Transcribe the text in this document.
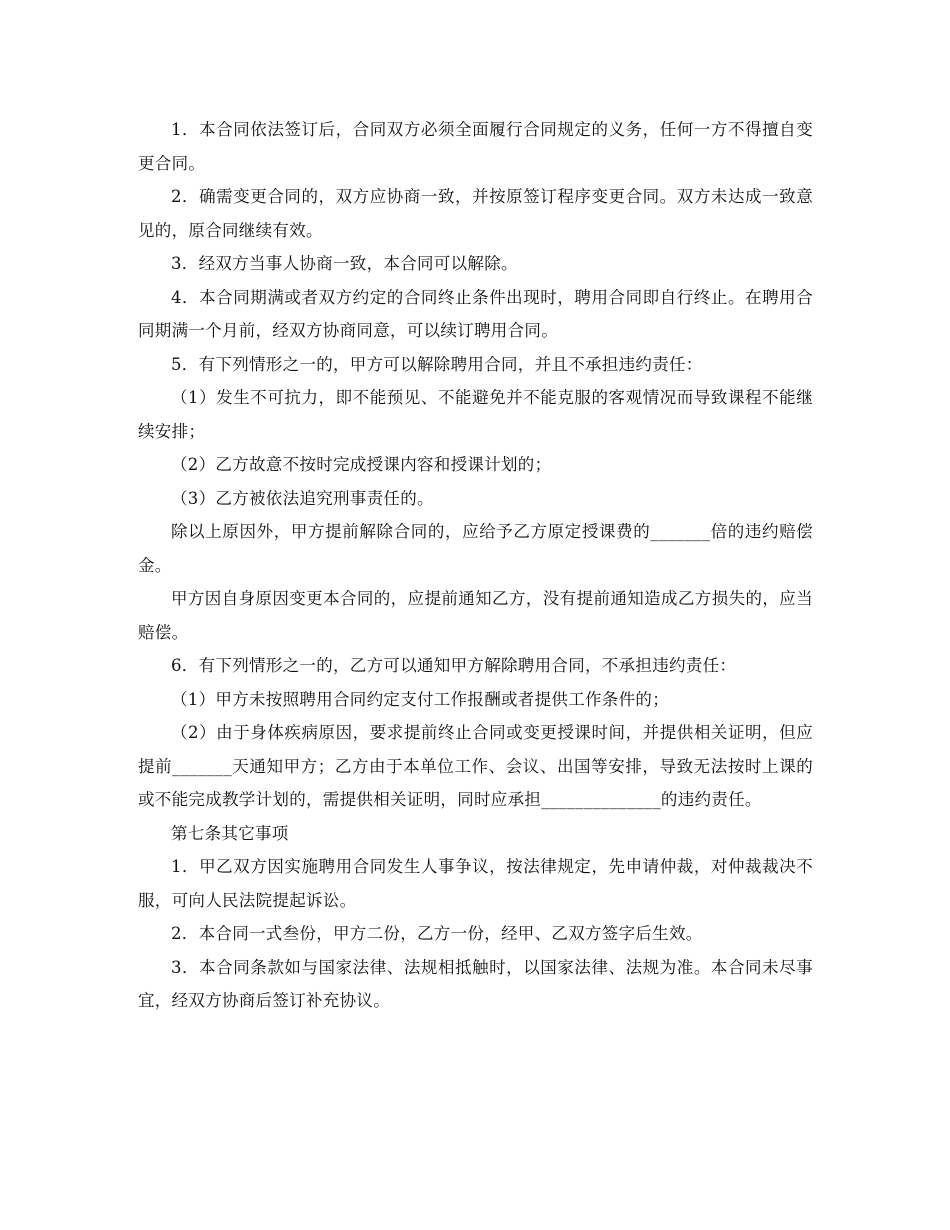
1．本合同依法签订后，合同双方必须全面履行合同规定的义务，任何一方不得擅自变更合同。

2．确需变更合同的，双方应协商一致，并按原签订程序变更合同。双方未达成一致意见的，原合同继续有效。

3．经双方当事人协商一致，本合同可以解除。

4．本合同期满或者双方约定的合同终止条件出现时，聘用合同即自行终止。在聘用合同期满一个月前，经双方协商同意，可以续订聘用合同。

5．有下列情形之一的，甲方可以解除聘用合同，并且不承担违约责任：

（1）发生不可抗力，即不能预见、不能避免并不能克服的客观情况而导致课程不能继续安排；

（2）乙方故意不按时完成授课内容和授课计划的；

（3）乙方被依法追究刑事责任的。

除以上原因外，甲方提前解除合同的，应给予乙方原定授课费的_______倍的违约赔偿金。

甲方因自身原因变更本合同的，应提前通知乙方，没有提前通知造成乙方损失的，应当赔偿。

6．有下列情形之一的，乙方可以通知甲方解除聘用合同，不承担违约责任：

（1）甲方未按照聘用合同约定支付工作报酬或者提供工作条件的；

（2）由于身体疾病原因，要求提前终止合同或变更授课时间，并提供相关证明，但应提前_______天通知甲方；乙方由于本单位工作、会议、出国等安排，导致无法按时上课的或不能完成教学计划的，需提供相关证明，同时应承担______________的违约责任。

第七条其它事项

1．甲乙双方因实施聘用合同发生人事争议，按法律规定，先申请仲裁，对仲裁裁决不服，可向人民法院提起诉讼。

2．本合同一式叁份，甲方二份，乙方一份，经甲、乙双方签字后生效。

3．本合同条款如与国家法律、法规相抵触时，以国家法律、法规为准。本合同未尽事宜，经双方协商后签订补充协议。
